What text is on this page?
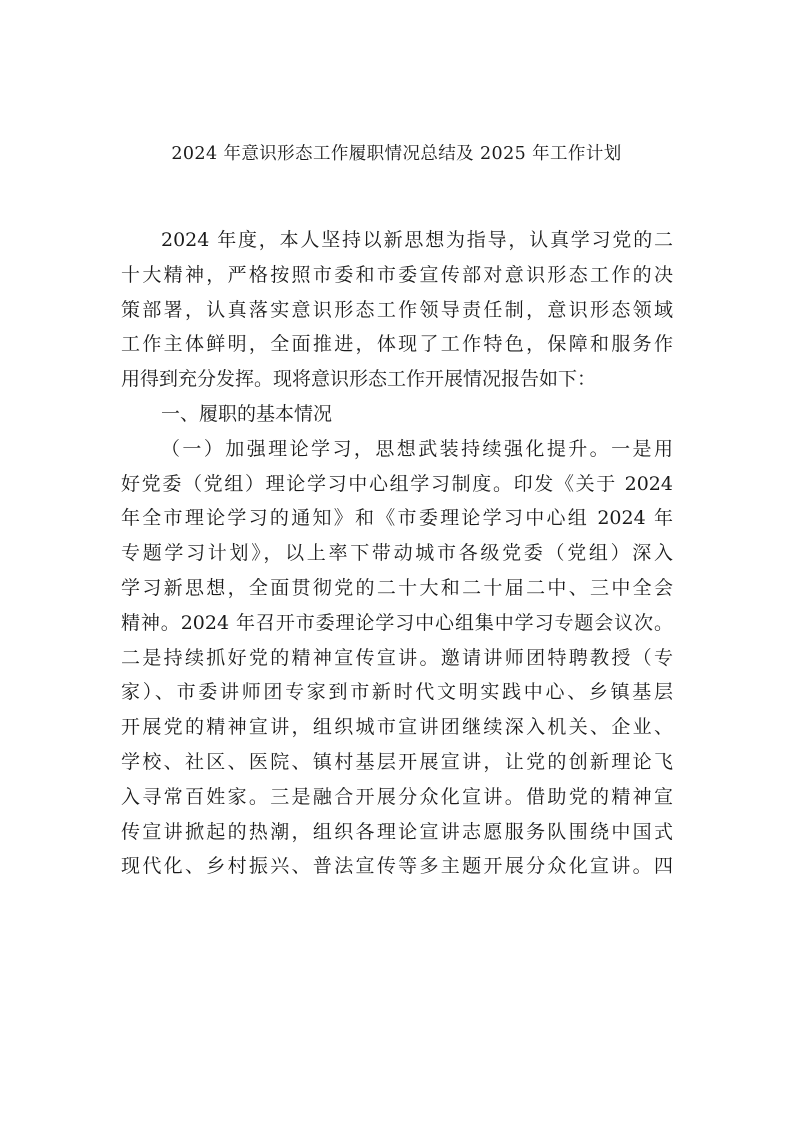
2024 年意识形态工作履职情况总结及 2025 年工作计划
2024 年度，本人坚持以新思想为指导，认真学习党的二
十大精神，严格按照市委和市委宣传部对意识形态工作的决
策部署，认真落实意识形态工作领导责任制，意识形态领域
工作主体鲜明，全面推进，体现了工作特色，保障和服务作
用得到充分发挥。现将意识形态工作开展情况报告如下：
一、履职的基本情况
（一）加强理论学习，思想武装持续强化提升。一是用
好党委（党组）理论学习中心组学习制度。印发《关于 2024
年全市理论学习的通知》和《市委理论学习中心组 2024 年
专题学习计划》，以上率下带动城市各级党委（党组）深入
学习新思想，全面贯彻党的二十大和二十届二中、三中全会
精神。2024 年召开市委理论学习中心组集中学习专题会议次。
二是持续抓好党的精神宣传宣讲。邀请讲师团特聘教授（专
家）、市委讲师团专家到市新时代文明实践中心、乡镇基层
开展党的精神宣讲，组织城市宣讲团继续深入机关、企业、
学校、社区、医院、镇村基层开展宣讲，让党的创新理论飞
入寻常百姓家。三是融合开展分众化宣讲。借助党的精神宣
传宣讲掀起的热潮，组织各理论宣讲志愿服务队围绕中国式
现代化、乡村振兴、普法宣传等多主题开展分众化宣讲。四
